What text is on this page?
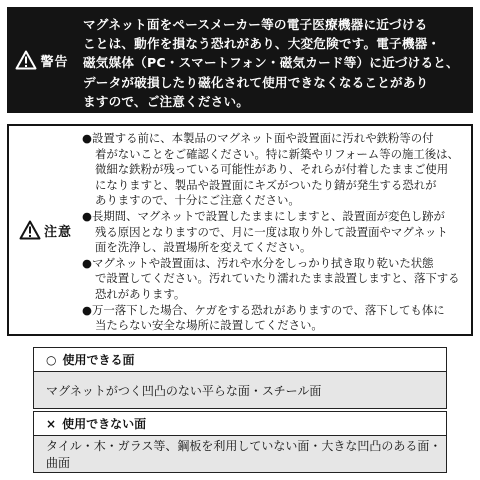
警告

マグネット面をペースメーカー等の電子医療機器に近づける

ことは、動作を損なう恐れがあり、大変危険です。電子機器・

磁気媒体（PC・スマートフォン・磁気カード等）に近づけると、

データが破損したり磁化されて使用できなくなることがあり

ますので、ご注意ください。

注意

●設置する前に、本製品のマグネット面や設置面に汚れや鉄粉等の付

着がないことをご確認ください。特に新築やリフォーム等の施工後は、

微細な鉄粉が残っている可能性があり、それらが付着したままご使用

になりますと、製品や設置面にキズがついたり錆が発生する恐れが

ありますので、十分にご注意ください。

●長期間、マグネットで設置したままにしますと、設置面が変色し跡が

残る原因となりますので、月に一度は取り外して設置面やマグネット

面を洗浄し、設置場所を変えてください。

●マグネットや設置面は、汚れや水分をしっかり拭き取り乾いた状態

で設置してください。汚れていたり濡れたまま設置しますと、落下する

恐れがあります。

●万一落下した場合、ケガをする恐れがありますので、落下しても体に

当たらない安全な場所に設置してください。

○ 使用できる面
マグネットがつく凹凸のない平らな面・スチール面
× 使用できない面
タイル・木・ガラス等、鋼板を利用していない面・大きな凹凸のある面・曲面
